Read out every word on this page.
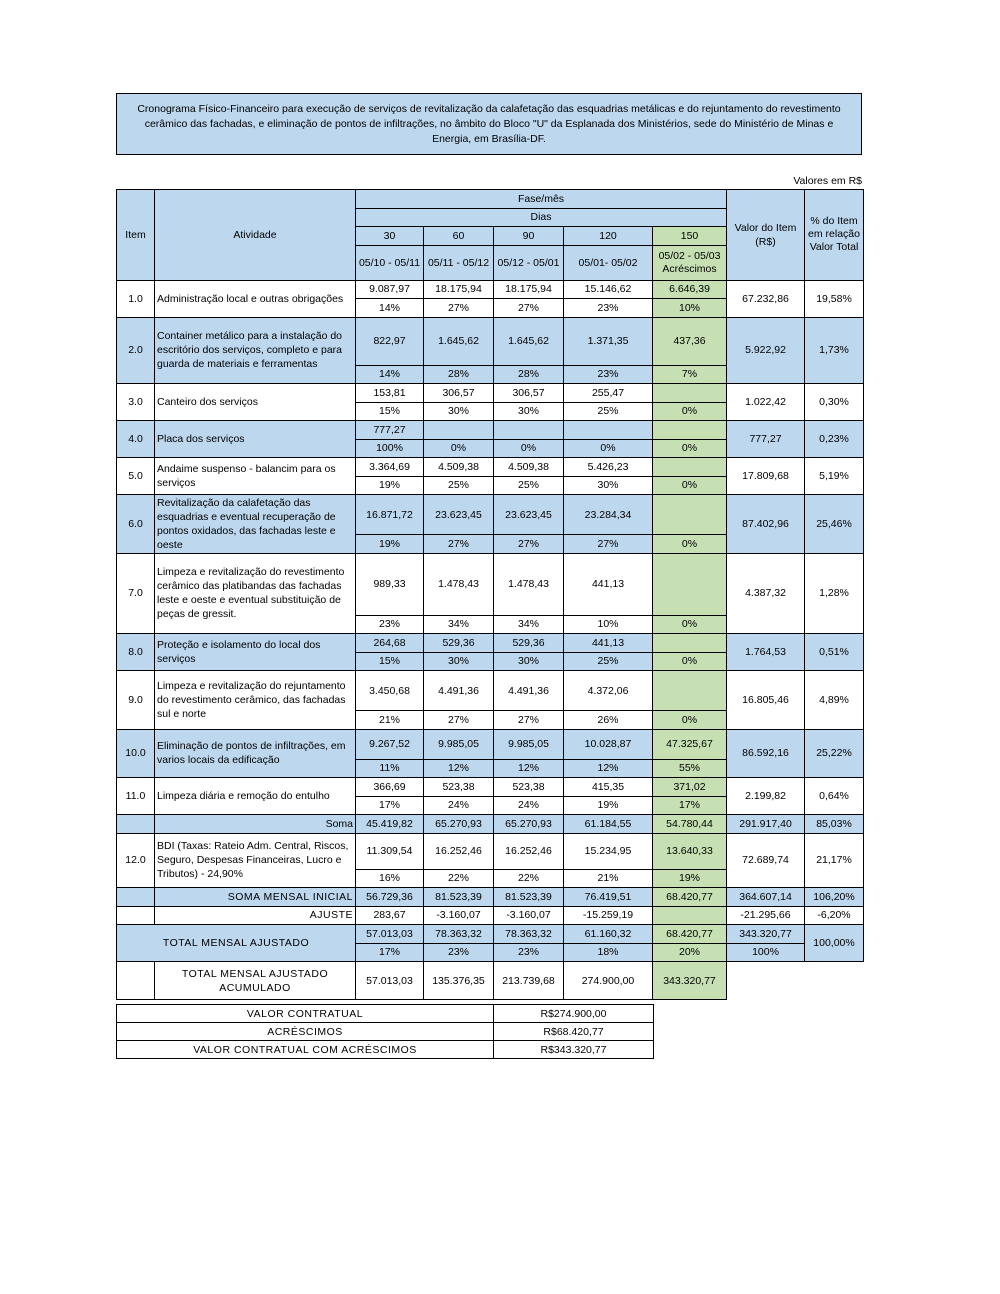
Cronograma Físico-Financeiro para execução de serviços de revitalização da calafetação das esquadrias metálicas e do rejuntamento do revestimento cerâmico das fachadas, e eliminação de pontos de infiltrações, no âmbito do Bloco "U" da Esplanada dos Ministérios, sede do Ministério de Minas e Energia, em Brasília-DF.
Valores em R$
Item	Atividade	Fase/mês					Valor do Item (R$)	% do Item em relação Valor Total
		Dias						
		30	60	90	120	150		
		05/10 - 05/11	05/11 - 05/12	05/12 - 05/01	05/01- 05/02	05/02 - 05/03 Acréscimos		

1.0	Administração local e outras obrigações	9.087,97	18.175,94	18.175,94	15.146,62	6.646,39	67.232,86	19,58%
		14%	27%	27%	23%	10%		
2.0	Container metálico para a instalação do escritório dos serviços, completo e para guarda de materiais e ferramentas	822,97	1.645,62	1.645,62	1.371,35	437,36	5.922,92	1,73%
		14%	28%	28%	23%	7%		
3.0	Canteiro dos serviços	153,81	306,57	306,57	255,47		1.022,42	0,30%
		15%	30%	30%	25%	0%		
4.0	Placa dos serviços	777,27					777,27	0,23%
		100%	0%	0%	0%	0%		
5.0	Andaime suspenso - balancim para os serviços	3.364,69	4.509,38	4.509,38	5.426,23		17.809,68	5,19%
		19%	25%	25%	30%	0%		
6.0	Revitalização da calafetação das esquadrias e eventual recuperação de pontos oxidados, das fachadas leste e oeste	16.871,72	23.623,45	23.623,45	23.284,34		87.402,96	25,46%
		19%	27%	27%	27%	0%		
7.0	Limpeza e revitalização do revestimento cerâmico das platibandas das fachadas leste e oeste e eventual substituição de peças de gressit.	989,33	1.478,43	1.478,43	441,13		4.387,32	1,28%
		23%	34%	34%	10%	0%		
8.0	Proteção e isolamento do local dos serviços	264,68	529,36	529,36	441,13		1.764,53	0,51%
		15%	30%	30%	25%	0%		
9.0	Limpeza e revitalização do rejuntamento do revestimento cerâmico, das fachadas sul e norte	3.450,68	4.491,36	4.491,36	4.372,06		16.805,46	4,89%
		21%	27%	27%	26%	0%		
10.0	Eliminação de pontos de infiltrações, em varios locais da edificação	9.267,52	9.985,05	9.985,05	10.028,87	47.325,67	86.592,16	25,22%
		11%	12%	12%	12%	55%		
11.0	Limpeza diária e remoção do entulho	366,69	523,38	523,38	415,35	371,02	2.199,82	0,64%
		17%	24%	24%	19%	17%		
	Soma	45.419,82	65.270,93	65.270,93	61.184,55	54.780,44	291.917,40	85,03%
12.0	BDI (Taxas: Rateio Adm. Central, Riscos, Seguro, Despesas Financeiras, Lucro e Tributos) - 24,90%	11.309,54	16.252,46	16.252,46	15.234,95	13.640,33	72.689,74	21,17%
		16%	22%	22%	21%	19%		
	SOMA MENSAL INICIAL	56.729,36	81.523,39	81.523,39	76.419,51	68.420,77	364.607,14	106,20%
	AJUSTE	283,67	-3.160,07	-3.160,07	-15.259,19		-21.295,66	-6,20%
TOTAL MENSAL AJUSTADO		57.013,03	78.363,32	78.363,32	61.160,32	68.420,77	343.320,77	100,00%
		17%	23%	23%	18%	20%	100%	
	TOTAL MENSAL AJUSTADO ACUMULADO	57.013,03	135.376,35	213.739,68	274.900,00	343.320,77		
VALOR CONTRATUAL	R$274.900,00
ACRÉSCIMOS	R$68.420,77
VALOR CONTRATUAL COM ACRÉSCIMOS	R$343.320,77
